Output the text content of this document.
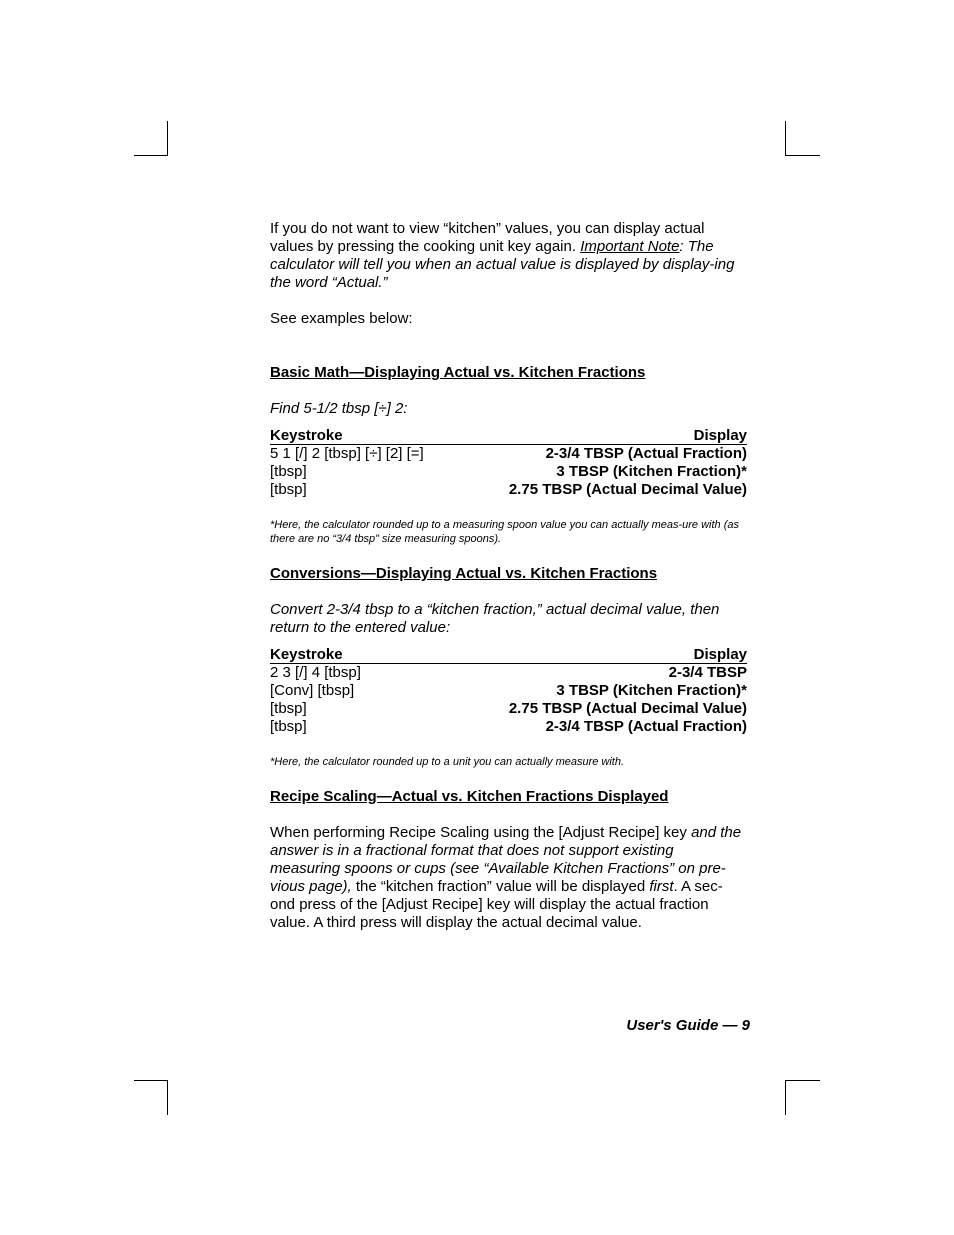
If you do not want to view “kitchen” values, you can display actual values by pressing the cooking unit key again. Important Note: The calculator will tell you when an actual value is displayed by display-ing the word “Actual.”

See examples below:

Basic Math—Displaying Actual vs. Kitchen Fractions

Find 5-1/2 tbsp [÷] 2:

Keystroke	Display
5 1 [/] 2 [tbsp] [÷] [2] [=]	2-3/4 TBSP (Actual Fraction)
[tbsp]	3 TBSP (Kitchen Fraction)*
[tbsp]	2.75 TBSP (Actual Decimal Value)

*Here, the calculator rounded up to a measuring spoon value you can actually meas-ure with (as there are no “3/4 tbsp” size measuring spoons).

Conversions—Displaying Actual vs. Kitchen Fractions

Convert 2-3/4 tbsp to a “kitchen fraction,” actual decimal value, then return to the entered value:

Keystroke	Display
2 3 [/] 4 [tbsp]	2-3/4 TBSP
[Conv] [tbsp]	3 TBSP (Kitchen Fraction)*
[tbsp]	2.75 TBSP (Actual Decimal Value)
[tbsp]	2-3/4 TBSP (Actual Fraction)

*Here, the calculator rounded up to a unit you can actually measure with.

Recipe Scaling—Actual vs. Kitchen Fractions Displayed

When performing Recipe Scaling using the [Adjust Recipe] key and the answer is in a fractional format that does not support existing measuring spoons or cups (see “Available Kitchen Fractions” on pre-vious page), the “kitchen fraction” value will be displayed first. A sec-ond press of the [Adjust Recipe] key will display the actual fraction value. A third press will display the actual decimal value.

User's Guide — 9
